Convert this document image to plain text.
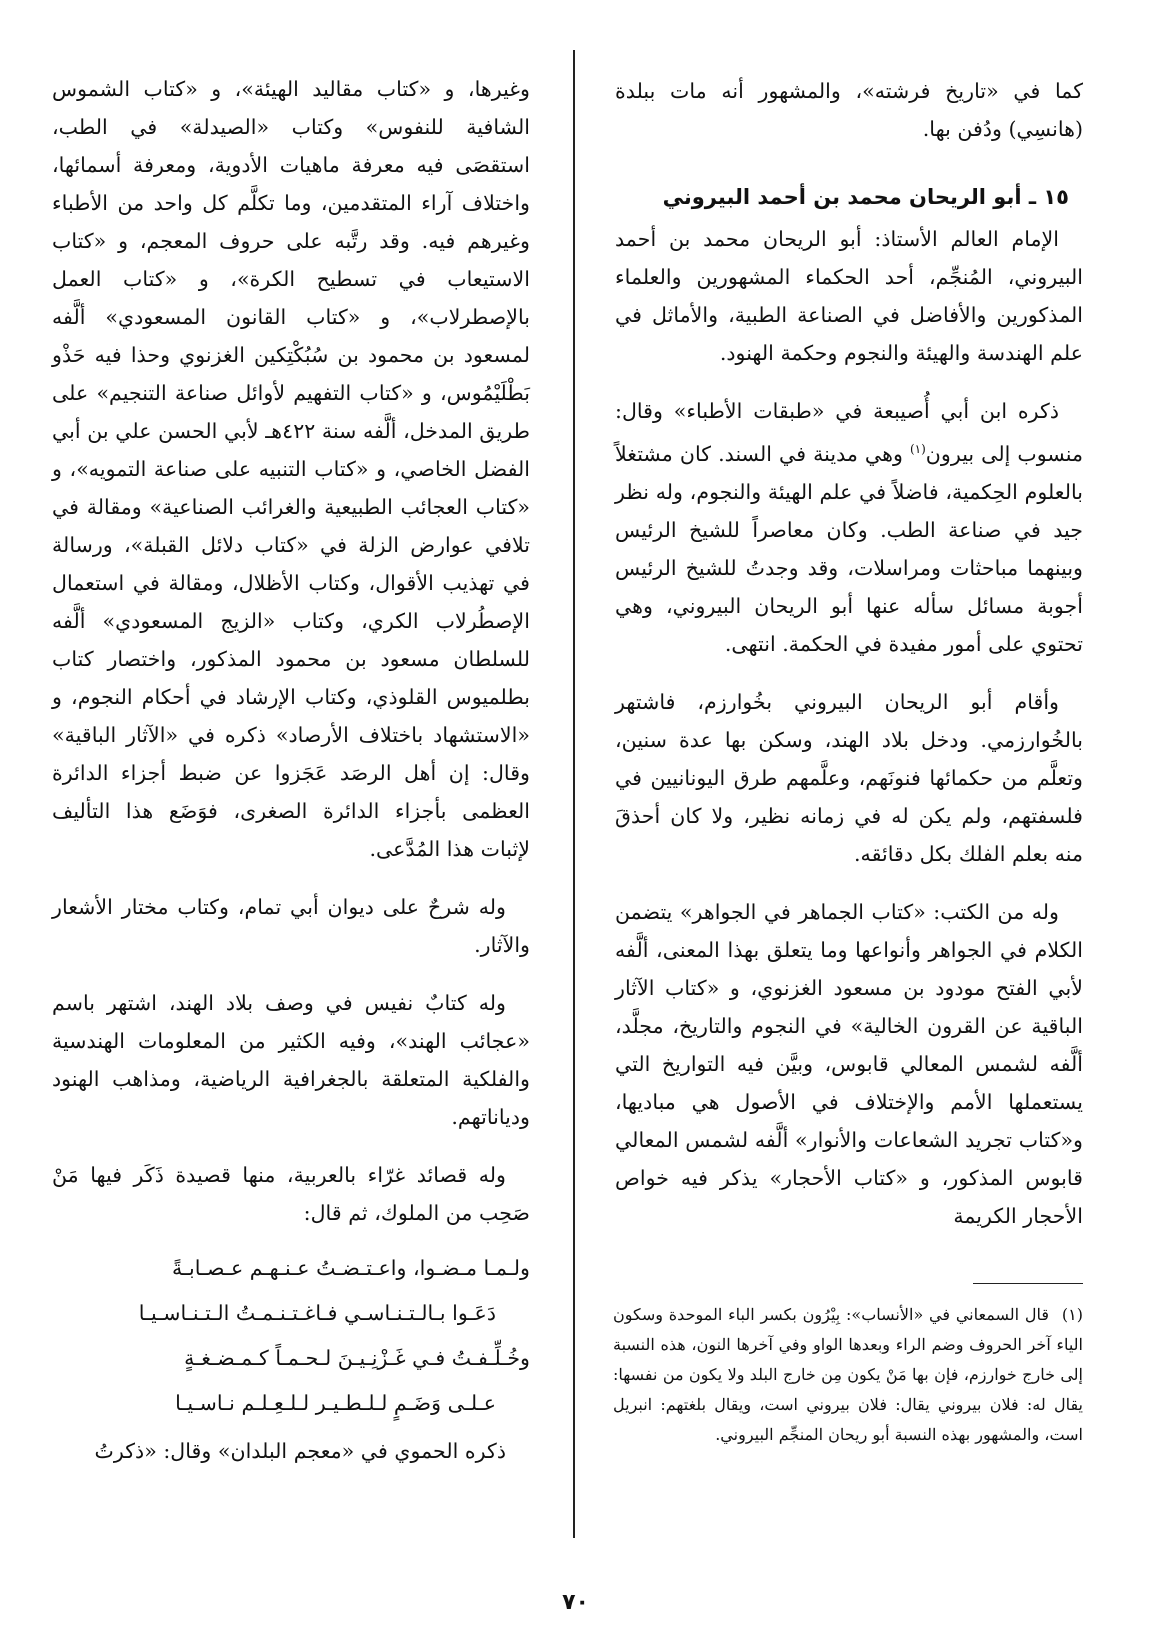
كما في «تاريخ فرشته»، والمشهور أنه مات ببلدة (هانسِي) ودُفن بها.

١٥ ـ أبو الريحان محمد بن أحمد البيروني

الإمام العالم الأستاذ: أبو الريحان محمد بن أحمد البيروني، المُنجِّم، أحد الحكماء المشهورين والعلماء المذكورين والأفاضل في الصناعة الطبية، والأماثل في علم الهندسة والهيئة والنجوم وحكمة الهنود.

ذكره ابن أبي أُصيبعة في «طبقات الأطباء» وقال: منسوب إلى بيرون$^{(١)}$ وهي مدينة في السند. كان مشتغلاً بالعلوم الحِكمية، فاضلاً في علم الهيئة والنجوم، وله نظر جيد في صناعة الطب. وكان معاصراً للشيخ الرئيس وبينهما مباحثات ومراسلات، وقد وجدتُ للشيخ الرئيس أجوبة مسائل سأله عنها أبو الريحان البيروني، وهي تحتوي على أمور مفيدة في الحكمة. انتهى.

وأقام أبو الريحان البيروني بخُوارزم، فاشتهر بالخُوارزمي. ودخل بلاد الهند، وسكن بها عدة سنين، وتعلَّم من حكمائها فنونَهم، وعلَّمهم طرق اليونانيين في فلسفتهم، ولم يكن له في زمانه نظير، ولا كان أحذقَ منه بعلم الفلك بكل دقائقه.

وله من الكتب: «كتاب الجماهر في الجواهر» يتضمن الكلام في الجواهر وأنواعها وما يتعلق بهذا المعنى، ألَّفه لأبي الفتح مودود بن مسعود الغزنوي، و «كتاب الآثار الباقية عن القرون الخالية» في النجوم والتاريخ، مجلَّد، ألَّفه لشمس المعالي قابوس، وبيَّن فيه التواريخ التي يستعملها الأمم والإختلاف في الأصول هي مباديها، و«كتاب تجريد الشعاعات والأنوار» ألَّفه لشمس المعالي قابوس المذكور، و «كتاب الأحجار» يذكر فيه خواص الأحجار الكريمة

وغيرها، و «كتاب مقاليد الهيئة»، و «كتاب الشموس الشافية للنفوس» وكتاب «الصيدلة» في الطب، استقصَى فيه معرفة ماهيات الأدوية، ومعرفة أسمائها، واختلاف آراء المتقدمين، وما تكلَّم كل واحد من الأطباء وغيرهم فيه. وقد رتَّبه على حروف المعجم، و «كتاب الاستيعاب في تسطيح الكرة»، و «كتاب العمل بالإصطرلاب»، و «كتاب القانون المسعودي» ألَّفه لمسعود بن محمود بن سُبُكْتِكين الغزنوي وحذا فيه حَذْو بَطْلَيْمُوس، و «كتاب التفهيم لأوائل صناعة التنجيم» على طريق المدخل، ألَّفه سنة ٤٢٢هـ لأبي الحسن علي بن أبي الفضل الخاصي، و «كتاب التنبيه على صناعة التمويه»، و «كتاب العجائب الطبيعية والغرائب الصناعية» ومقالة في تلافي عوارض الزلة في «كتاب دلائل القبلة»، ورسالة في تهذيب الأقوال، وكتاب الأظلال، ومقالة في استعمال الإصطُرلاب الكري، وكتاب «الزيج المسعودي» ألَّفه للسلطان مسعود بن محمود المذكور، واختصار كتاب بطلميوس القلوذي، وكتاب الإرشاد في أحكام النجوم، و «الاستشهاد باختلاف الأرصاد» ذكره في «الآثار الباقية» وقال: إن أهل الرصَد عَجَزوا عن ضبط أجزاء الدائرة العظمى بأجزاء الدائرة الصغرى، فوَضَع هذا التأليف لإثبات هذا المُدَّعى.

وله شرحٌ على ديوان أبي تمام، وكتاب مختار الأشعار والآثار.

وله كتابٌ نفيس في وصف بلاد الهند، اشتهر باسم «عجائب الهند»، وفيه الكثير من المعلومات الهندسية والفلكية المتعلقة بالجغرافية الرياضية، ومذاهب الهنود ودياناتهم.

وله قصائد غرّاء بالعربية، منها قصيدة ذَكَر فيها مَنْ صَحِب من الملوك، ثم قال:

ولـمـا مـضـوا، واعـتـضـتُ عـنـهـم عـصـابـةً

دَعَـوا بـالـتـنـاسـي فـاغـتـنـمـتُ الـتـنـاسـيـا

وخُـلِّـفـتُ فـي غَـزْنِـيـنَ لـحـمـاً كـمـضـغـةٍ

عـلـى وَضَـمٍ لـلـطـيـر لـلـعِـلـم نـاسـيـا

ذكره الحموي في «معجم البلدان» وقال: «ذكرتُ

(١)قال السمعاني في «الأنساب»: بِيْرُون بكسر الباء الموحدة وسكون الياء آخر الحروف وضم الراء وبعدها الواو وفي آخرها النون، هذه النسبة إلى خارج خوارزم، فإن بها مَنْ يكون مِن خارج البلد ولا يكون من نفسها: يقال له: فلان بيروني يقال: فلان بيروني است، ويقال بلغتهم: انبريل است، والمشهور بهذه النسبة أبو ريحان المنجِّم البيروني.
٧٠
